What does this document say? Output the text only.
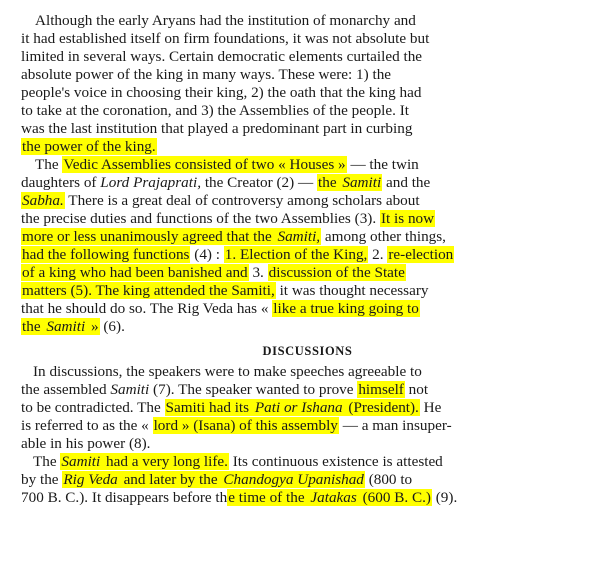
Although the early Aryans had the institution of monarchy and
it had established itself on firm foundations, it was not absolute but
limited in several ways. Certain democratic elements curtailed the
absolute power of the king in many ways. These were: 1) the
people's voice in choosing their king, 2) the oath that the king had
to take at the coronation, and 3) the Assemblies of the people. It
was the last institution that played a predominant part in curbing
the power of the king.
The Vedic Assemblies consisted of two « Houses » — the twin
daughters of Lord Prajaprati, the Creator (2) — the Samiti and the
Sabha. There is a great deal of controversy among scholars about
the precise duties and functions of the two Assemblies (3). It is now
more or less unanimously agreed that the Samiti, among other things,
had the following functions (4) : 1. Election of the King, 2. re-election
of a king who had been banished and 3. discussion of the State
matters (5). The king attended the Samiti, it was thought necessary
that he should do so. The Rig Veda has « like a true king going to
the Samiti » (6).
DISCUSSIONS
In discussions, the speakers were to make speeches agreeable to
the assembled Samiti (7). The speaker wanted to prove himself not
to be contradicted. The Samiti had its Pati or Ishana (President). He
is referred to as the « lord » (Isana) of this assembly — a man insuper-
able in his power (8).
The Samiti had a very long life. Its continuous existence is attested
by the Rig Veda and later by the Chandogya Upanishad (800 to
700 B. C.). It disappears before the time of the Jatakas (600 B. C.) (9).
